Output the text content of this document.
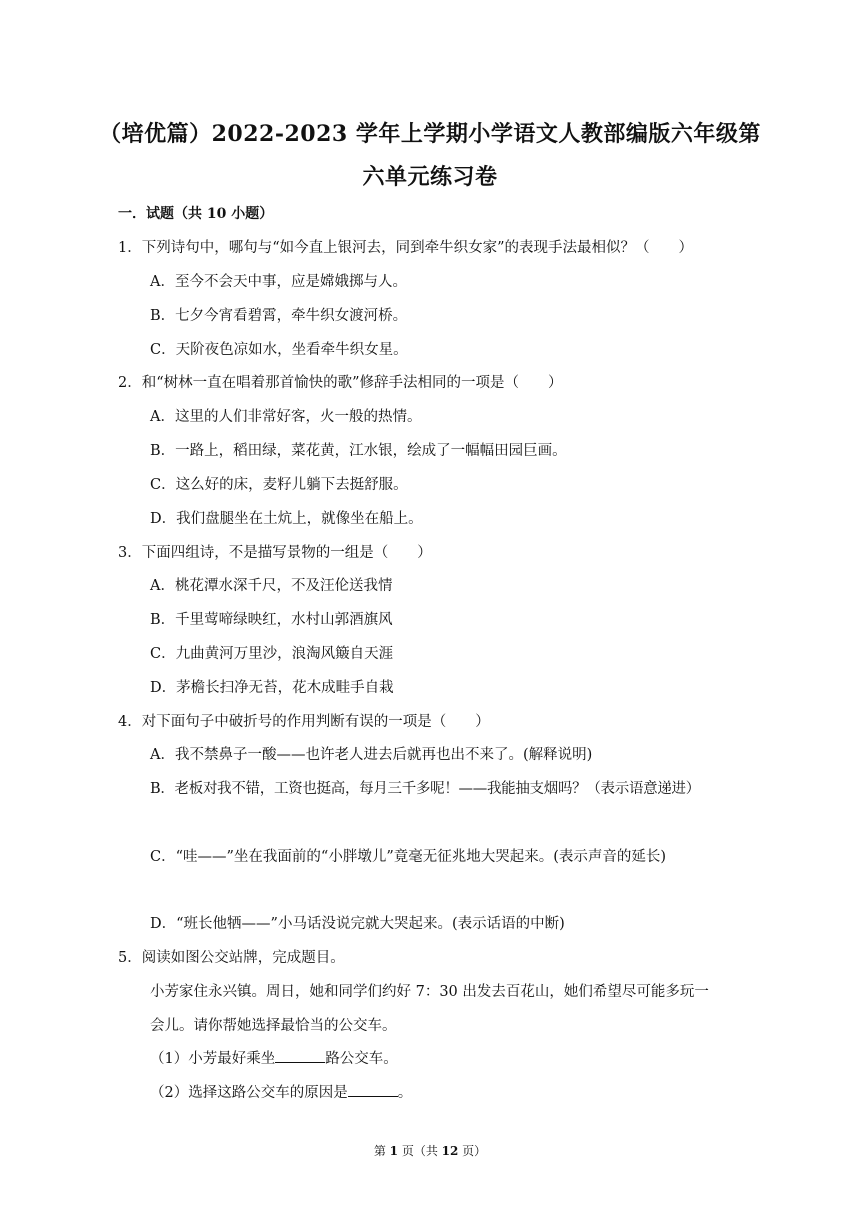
（培优篇）2022-2023 学年上学期小学语文人教部编版六年级第
六单元练习卷
一．试题（共 10 小题）
1．下列诗句中，哪句与“如今直上银河去，同到牵牛织女家”的表现手法最相似？（　　）
A．至今不会天中事，应是嫦娥掷与人。
B．七夕今宵看碧霄，牵牛织女渡河桥。
C．天阶夜色凉如水，坐看牵牛织女星。
2．和“树林一直在唱着那首愉快的歌”修辞手法相同的一项是（　　）
A．这里的人们非常好客，火一般的热情。
B．一路上，稻田绿，菜花黄，江水银，绘成了一幅幅田园巨画。
C．这么好的床，麦籽儿躺下去挺舒服。
D．我们盘腿坐在土炕上，就像坐在船上。
3．下面四组诗，不是描写景物的一组是（　　）
A．桃花潭水深千尺，不及汪伦送我情
B．千里莺啼绿映红，水村山郭酒旗风
C．九曲黄河万里沙，浪淘风簸自天涯
D．茅檐长扫净无苔，花木成畦手自栽
4．对下面句子中破折号的作用判断有误的一项是（　　）
A．我不禁鼻子一酸——也许老人进去后就再也出不来了。(解释说明)
B．老板对我不错，工资也挺高，每月三千多呢！——我能抽支烟吗？（表示语意递进）
C．“哇——”坐在我面前的“小胖墩儿”竟毫无征兆地大哭起来。(表示声音的延长)
D．“班长他牺——”小马话没说完就大哭起来。(表示话语的中断)
5．阅读如图公交站牌，完成题目。
小芳家住永兴镇。周日，她和同学们约好 7：30 出发去百花山，她们希望尽可能多玩一
会儿。请你帮她选择最恰当的公交车。
（1）小芳最好乘坐	路公交车。
（2）选择这路公交车的原因是	。
第 1 页（共 12 页）
